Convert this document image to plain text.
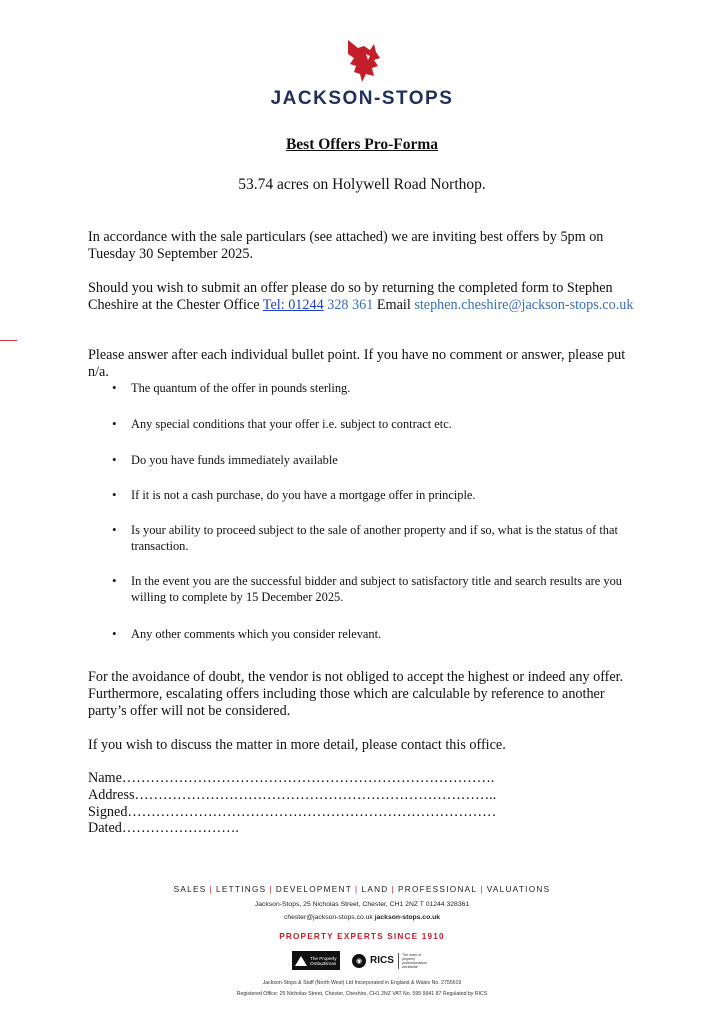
JACKSON-STOPS
Best Offers Pro-Forma
53.74 acres on Holywell Road Northop.
In accordance with the sale particulars (see attached) we are inviting best offers by 5pm on Tuesday 30 September 2025.
Should you wish to submit an offer please do so by returning the completed form to Stephen Cheshire at the Chester Office Tel: 01244 328 361 Email stephen.cheshire@jackson-stops.co.uk
Please answer after each individual bullet point. If you have no comment or answer, please put n/a.

• The quantum of the offer in pounds sterling.

• Any special conditions that your offer i.e. subject to contract etc.

• Do you have funds immediately available

• If it is not a cash purchase, do you have a mortgage offer in principle.

• Is your ability to proceed subject to the sale of another property and if so, what is the status of that transaction.

• In the event you are the successful bidder and subject to satisfactory title and search results are you willing to complete by 15 December 2025.

• Any other comments which you consider relevant.

For the avoidance of doubt, the vendor is not obliged to accept the highest or indeed any offer. Furthermore, escalating offers including those which are calculable by reference to another party’s offer will not be considered.
If you wish to discuss the matter in more detail, please contact this office.
Name…………………………………………………………………….
Address…………………………………………………………………..
Signed……………………………………………………………………
Dated…………………….
SALES | LETTINGS | DEVELOPMENT | LAND | PROFESSIONAL | VALUATIONS
Jackson-Stops, 25 Nicholas Street, Chester, CH1 2NZ T 01244 328361
chester@jackson-stops.co.uk jackson-stops.co.uk
PROPERTY EXPERTS SINCE 1910
The Property Ombudsman	◉ RICS
The mark of property professionalism worldwide
Jackson-Stops & Staff (North West) Ltd Incorporated in England & Wales No. 2755619
Registered Office: 25 Nicholas Street, Chester, Cheshire, CH1 2NZ VAT No. 595 9941 87 Regulated by RICS
